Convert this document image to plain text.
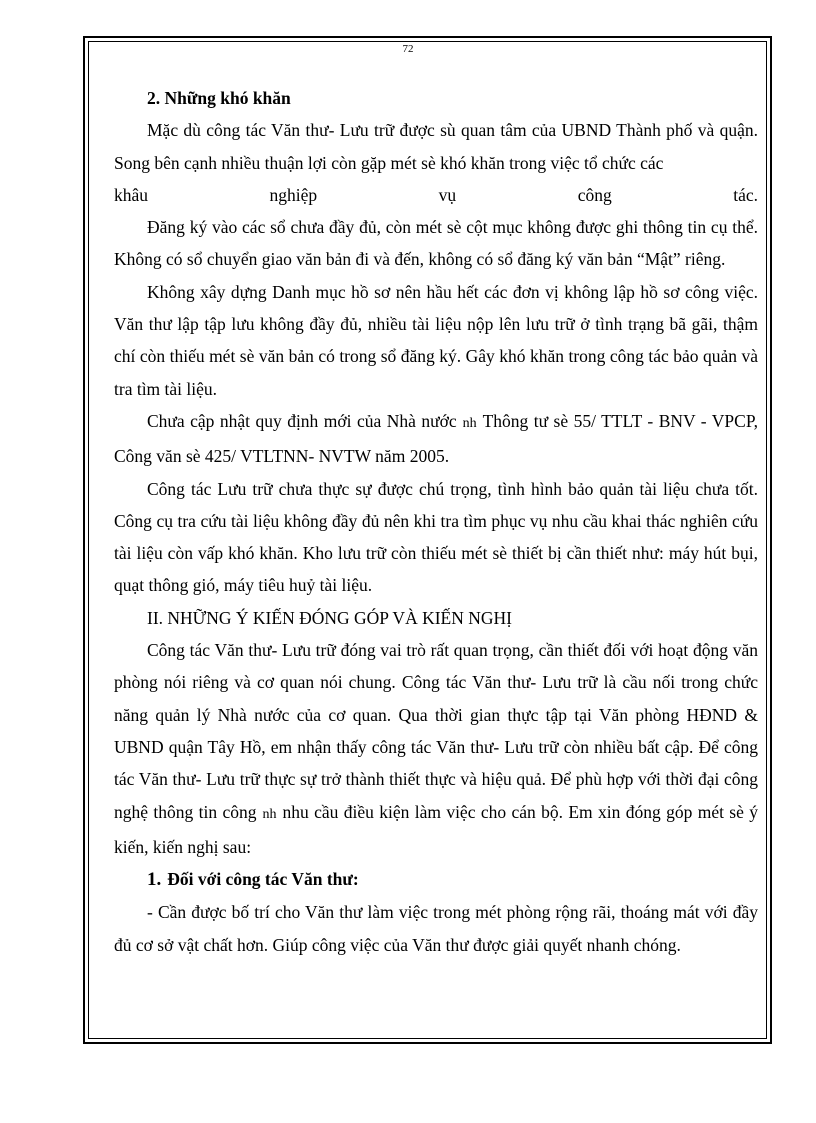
72

2. Những khó khăn

Mặc dù công tác Văn thư- Lưu trữ được sù quan tâm của UBND Thành phố và quận. Song bên cạnh nhiều thuận lợi còn gặp mét sè khó khăn trong việc tổ chức các

khâu nghiệp vụ công tác.

Đăng ký vào các sổ chưa đầy đủ, còn mét sè cột mục không được ghi thông tin cụ thể. Không có sổ chuyển giao văn bản đi và đến, không có sổ đăng ký văn bản “Mật” riêng.

Không xây dựng Danh mục hồ sơ nên hầu hết các đơn vị không lập hồ sơ công việc. Văn thư lập tập lưu không đầy đủ, nhiều tài liệu nộp lên lưu trữ ở tình trạng bã gãi, thậm chí còn thiếu mét sè văn bản có trong sổ đăng ký. Gây khó khăn trong công tác bảo quản và tra tìm tài liệu.

Chưa cập nhật quy định mới của Nhà nước nh Thông tư sè 55/ TTLT - BNV - VPCP, Công văn sè 425/ VTLTNN- NVTW năm 2005.

Công tác Lưu trữ chưa thực sự được chú trọng, tình hình bảo quản tài liệu chưa tốt. Công cụ tra cứu tài liệu không đầy đủ nên khi tra tìm phục vụ nhu cầu khai thác nghiên cứu tài liệu còn vấp khó khăn. Kho lưu trữ còn thiếu mét sè thiết bị cần thiết như: máy hút bụi, quạt thông gió, máy tiêu huỷ tài liệu.

II. NHỮNG Ý KIẾN ĐÓNG GÓP VÀ KIẾN NGHỊ

Công tác Văn thư- Lưu trữ đóng vai trò rất quan trọng, cần thiết đối với hoạt động văn phòng nói riêng và cơ quan nói chung. Công tác Văn thư- Lưu trữ là cầu nối trong chức năng quản lý Nhà nước của cơ quan. Qua thời gian thực tập tại Văn phòng HĐND & UBND quận Tây Hồ, em nhận thấy công tác Văn thư- Lưu trữ còn nhiều bất cập. Để công tác Văn thư- Lưu trữ thực sự trở thành thiết thực và hiệu quả. Để phù hợp với thời đại công nghệ thông tin công nh nhu cầu điều kiện làm việc cho cán bộ. Em xin đóng góp mét sè ý kiến, kiến nghị sau:

1. Đối với công tác Văn thư:

- Cần được bố trí cho Văn thư làm việc trong mét phòng rộng rãi, thoáng mát với đầy đủ cơ sở vật chất hơn. Giúp công việc của Văn thư được giải quyết nhanh chóng.
